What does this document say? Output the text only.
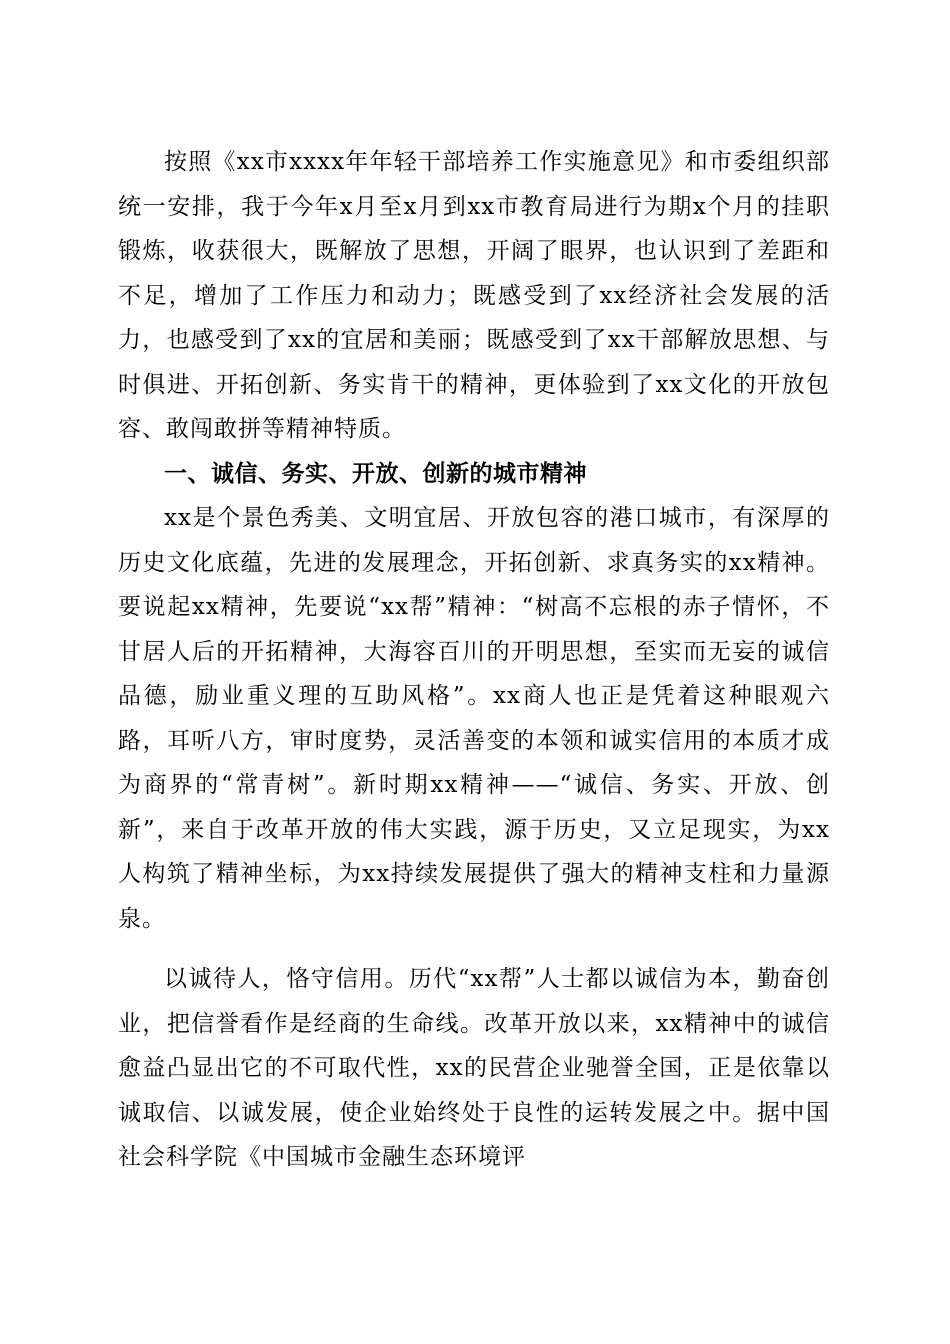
按照《xx市xxxx年年轻干部培养工作实施意见》和市委组织部统一安排，我于今年x月至x月到xx市教育局进行为期x个月的挂职锻炼，收获很大，既解放了思想，开阔了眼界，也认识到了差距和不足，增加了工作压力和动力；既感受到了xx经济社会发展的活力，也感受到了xx的宜居和美丽；既感受到了xx干部解放思想、与时俱进、开拓创新、务实肯干的精神，更体验到了xx文化的开放包容、敢闯敢拼等精神特质。

一、诚信、务实、开放、创新的城市精神

xx是个景色秀美、文明宜居、开放包容的港口城市，有深厚的历史文化底蕴，先进的发展理念，开拓创新、求真务实的xx精神。要说起xx精神，先要说“xx帮”精神：“树高不忘根的赤子情怀，不甘居人后的开拓精神，大海容百川的开明思想，至实而无妄的诚信品德，励业重义理的互助风格”。xx商人也正是凭着这种眼观六路，耳听八方，审时度势，灵活善变的本领和诚实信用的本质才成为商界的“常青树”。新时期xx精神——“诚信、务实、开放、创新”，来自于改革开放的伟大实践，源于历史，又立足现实，为xx人构筑了精神坐标，为xx持续发展提供了强大的精神支柱和力量源泉。

以诚待人，恪守信用。历代“xx帮”人士都以诚信为本，勤奋创业，把信誉看作是经商的生命线。改革开放以来，xx精神中的诚信愈益凸显出它的不可取代性，xx的民营企业驰誉全国，正是依靠以诚取信、以诚发展，使企业始终处于良性的运转发展之中。据中国社会科学院《中国城市金融生态环境评
